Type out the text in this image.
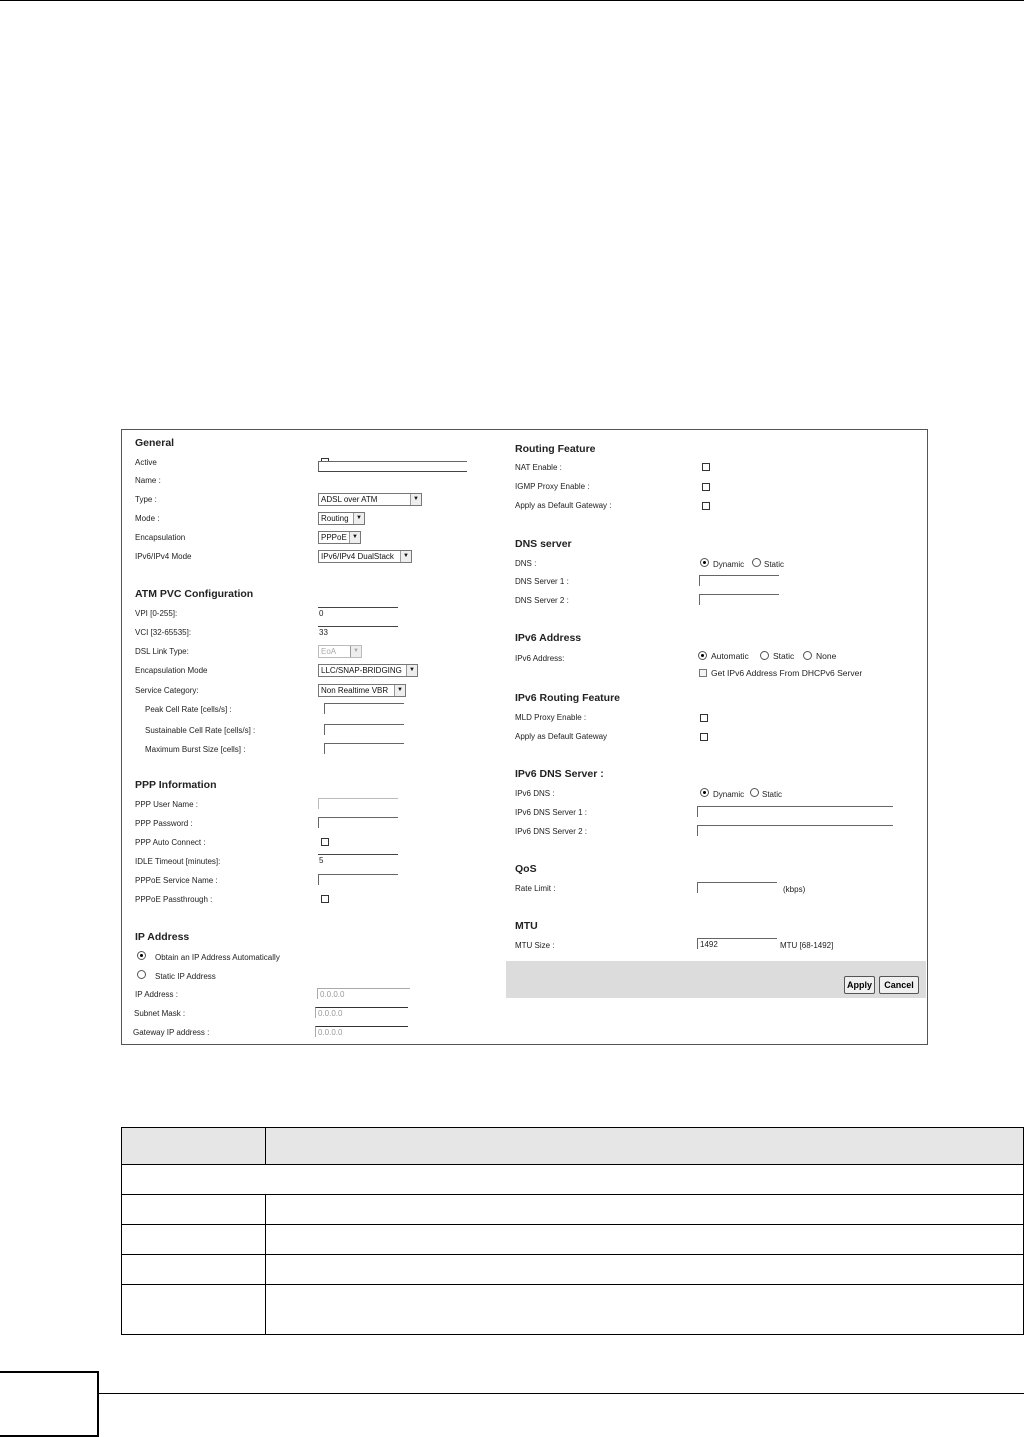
General
Active
Name :
Type :	ADSL over ATM	▼
Mode :	Routing	▼
Encapsulation	PPPoE ▼
IPv6/IPv4 Mode	IPv6/IPv4 DualStack	▼
ATM PVC Configuration
VPI [0-255]:	0
VCI [32-65535]:	33
DSL Link Type:	EoA	▼
Encapsulation Mode	LLC/SNAP-BRIDGING	▼
Service Category:	Non Realtime VBR	▼
Peak Cell Rate [cells/s] :
Sustainable Cell Rate [cells/s] :
Maximum Burst Size [cells] :
PPP Information
PPP User Name :
PPP Password :
PPP Auto Connect :
IDLE Timeout [minutes]:	5
PPPoE Service Name :
PPPoE Passthrough :
IP Address
Obtain an IP Address Automatically
Static IP Address
IP Address :	0.0.0.0
Subnet Mask :	0.0.0.0
Gateway IP address :	0.0.0.0
Routing Feature
NAT Enable :
IGMP Proxy Enable :
Apply as Default Gateway :
DNS server
DNS :	Dynamic Static
DNS Server 1 :
DNS Server 2 :
IPv6 Address
IPv6 Address:	Automatic	Static	None
Get IPv6 Address From DHCPv6 Server
IPv6 Routing Feature
MLD Proxy Enable :
Apply as Default Gateway
IPv6 DNS Server :
IPv6 DNS :	Dynamic Static
IPv6 DNS Server 1 :
IPv6 DNS Server 2 :
QoS
Rate Limit :	(kbps)
MTU
MTU Size :	1492	MTU [68-1492]
Apply	Cancel
